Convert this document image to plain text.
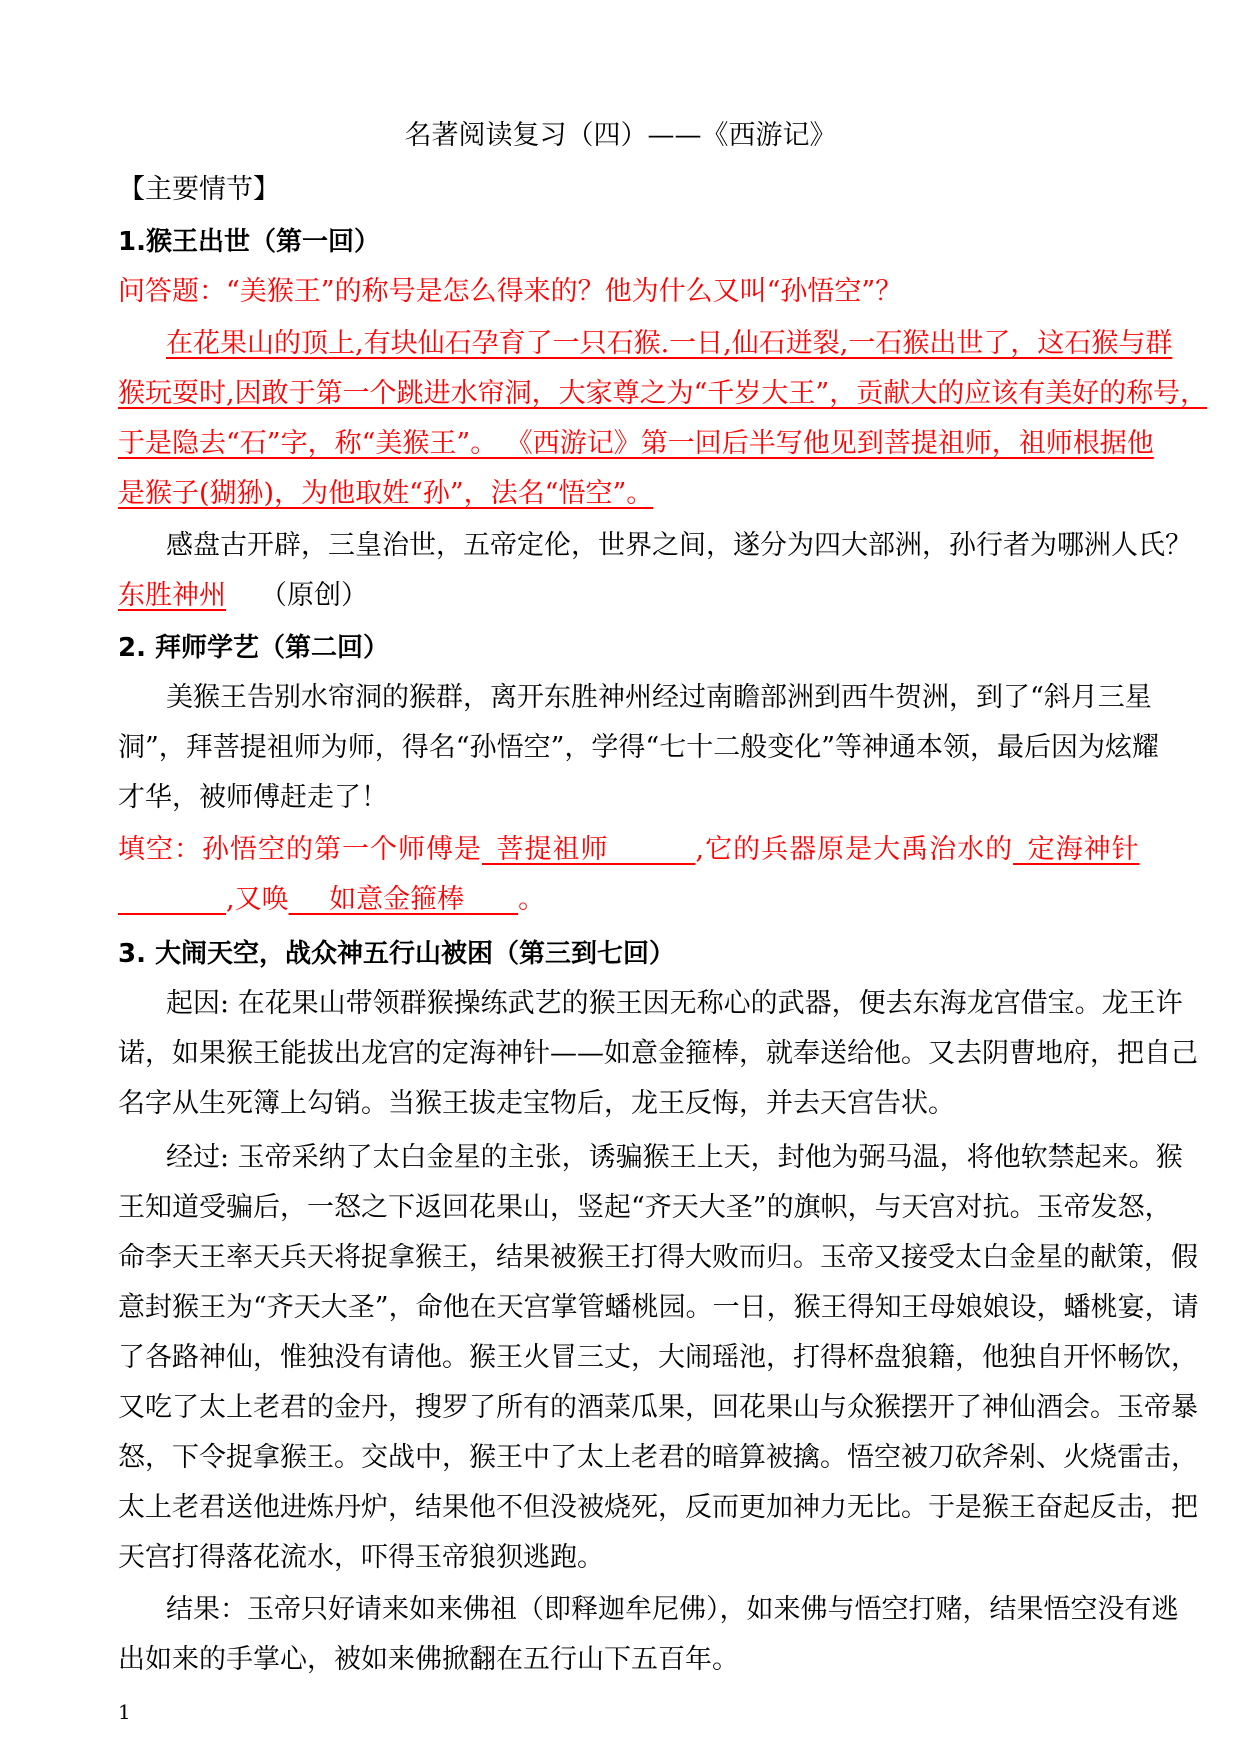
名著阅读复习（四）——《西游记》
【主要情节】
1.猴王出世（第一回）
问答题：“美猴王”的称号是怎么得来的？他为什么又叫“孙悟空”？
在花果山的顶上,有块仙石孕育了一只石猴.一日,仙石迸裂,一石猴出世了，这石猴与群
猴玩耍时,因敢于第一个跳进水帘洞，大家尊之为“千岁大王”，贡献大的应该有美好的称号，
于是隐去“石”字，称“美猴王”。 《西游记》第一回后半写他见到菩提祖师，祖师根据他
是猴子(猢狲)，为他取姓“孙”，法名“悟空”。
感盘古开辟，三皇治世，五帝定伦，世界之间，遂分为四大部洲，孙行者为哪洲人氏？
东胜神州 （原创）
2. 拜师学艺（第二回）
美猴王告别水帘洞的猴群，离开东胜神州经过南瞻部洲到西牛贺洲，到了“斜月三星
洞”，拜菩提祖师为师，得名“孙悟空”，学得“七十二般变化”等神通本领，最后因为炫耀
才华，被师傅赶走了！
填空：孙悟空的第一个师傅是_菩提祖师______,它的兵器原是大禹治水的_定海神针
________,又唤___如意金箍棒____。
3. 大闹天空，战众神五行山被困（第三到七回）
起因: 在花果山带领群猴操练武艺的猴王因无称心的武器，便去东海龙宫借宝。龙王许
诺，如果猴王能拔出龙宫的定海神针——如意金箍棒，就奉送给他。又去阴曹地府，把自己
名字从生死簿上勾销。当猴王拔走宝物后，龙王反悔，并去天宫告状。
经过: 玉帝采纳了太白金星的主张，诱骗猴王上天，封他为弼马温，将他软禁起来。猴
王知道受骗后，一怒之下返回花果山，竖起“齐天大圣”的旗帜，与天宫对抗。玉帝发怒，
命李天王率天兵天将捉拿猴王，结果被猴王打得大败而归。玉帝又接受太白金星的献策，假
意封猴王为“齐天大圣”，命他在天宫掌管蟠桃园。一日，猴王得知王母娘娘设，蟠桃宴，请
了各路神仙，惟独没有请他。猴王火冒三丈，大闹瑶池，打得杯盘狼籍，他独自开怀畅饮，
又吃了太上老君的金丹，搜罗了所有的酒菜瓜果，回花果山与众猴摆开了神仙酒会。玉帝暴
怒，下令捉拿猴王。交战中，猴王中了太上老君的暗算被擒。悟空被刀砍斧剁、火烧雷击，
太上老君送他进炼丹炉，结果他不但没被烧死，反而更加神力无比。于是猴王奋起反击，把
天宫打得落花流水，吓得玉帝狼狈逃跑。
结果：玉帝只好请来如来佛祖（即释迦牟尼佛），如来佛与悟空打赌，结果悟空没有逃
出如来的手掌心，被如来佛掀翻在五行山下五百年。
1
